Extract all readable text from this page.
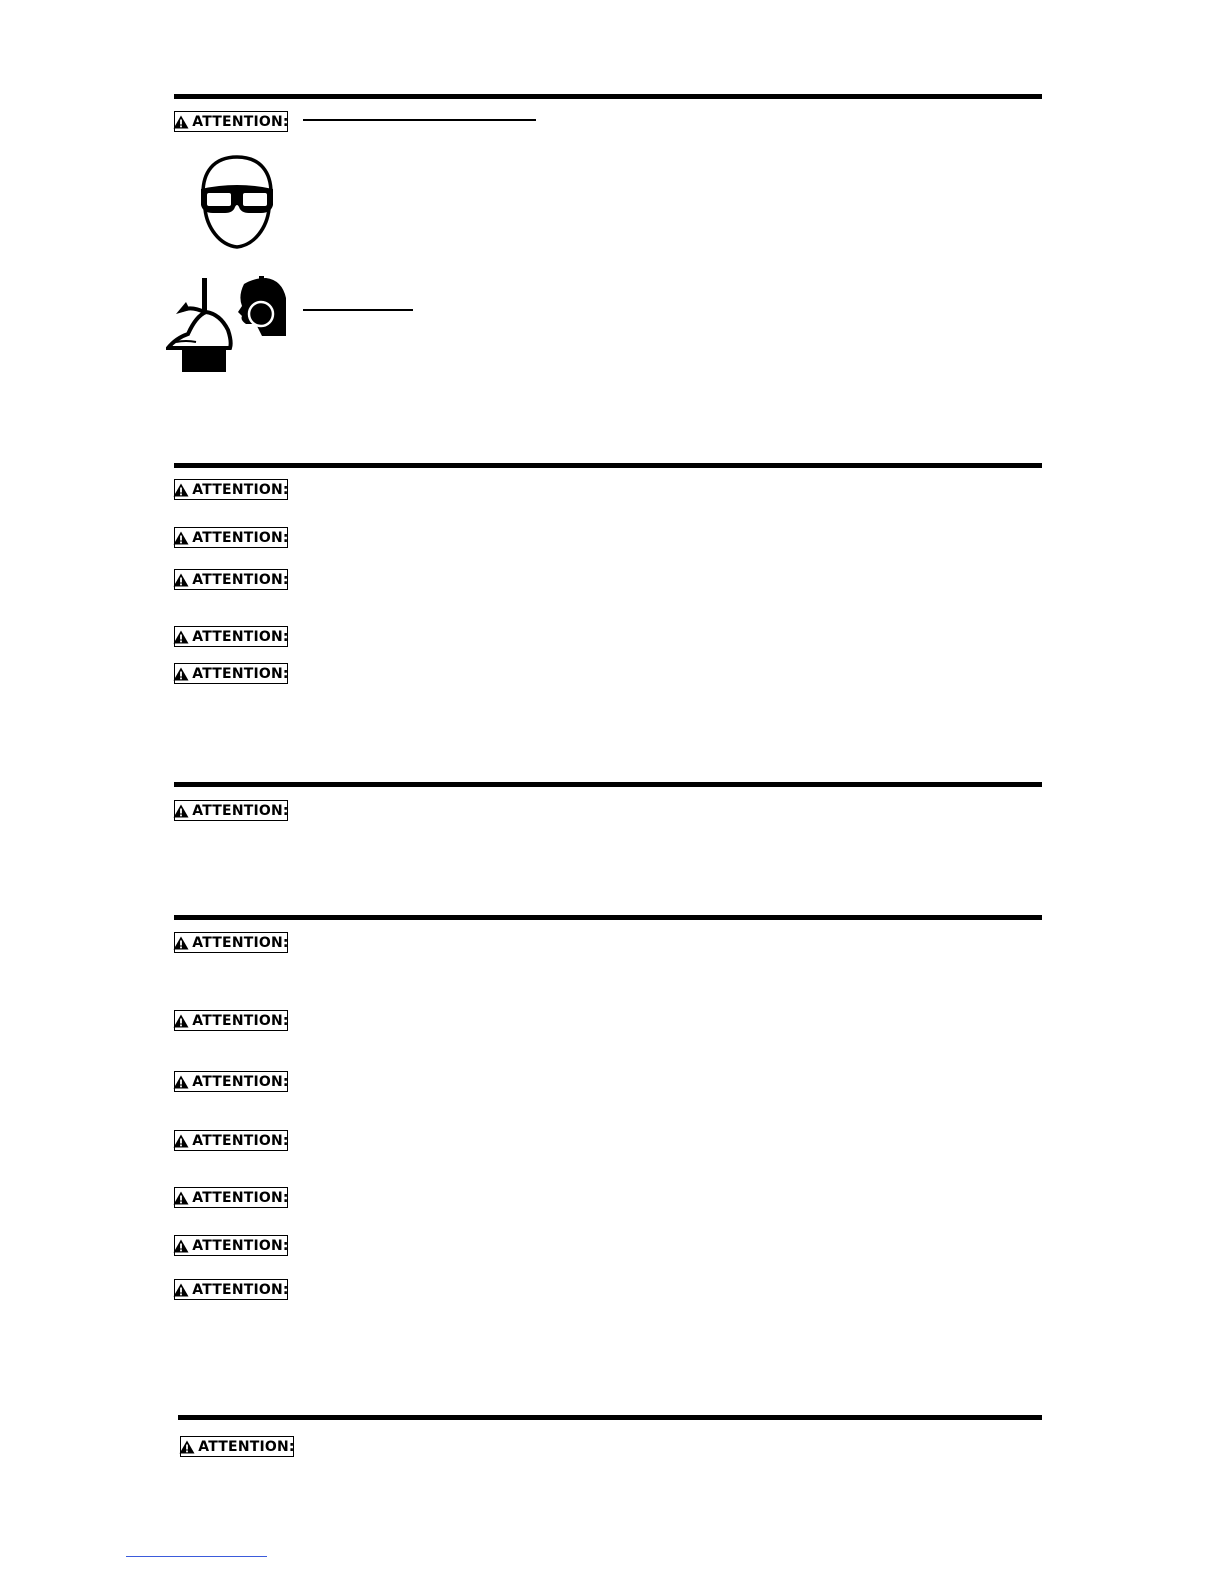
ATTENTION:
ATTENTION:
ATTENTION:
ATTENTION:
ATTENTION:
ATTENTION:
ATTENTION:
ATTENTION:
ATTENTION:
ATTENTION:
ATTENTION:
ATTENTION:
ATTENTION:
ATTENTION:
ATTENTION:
